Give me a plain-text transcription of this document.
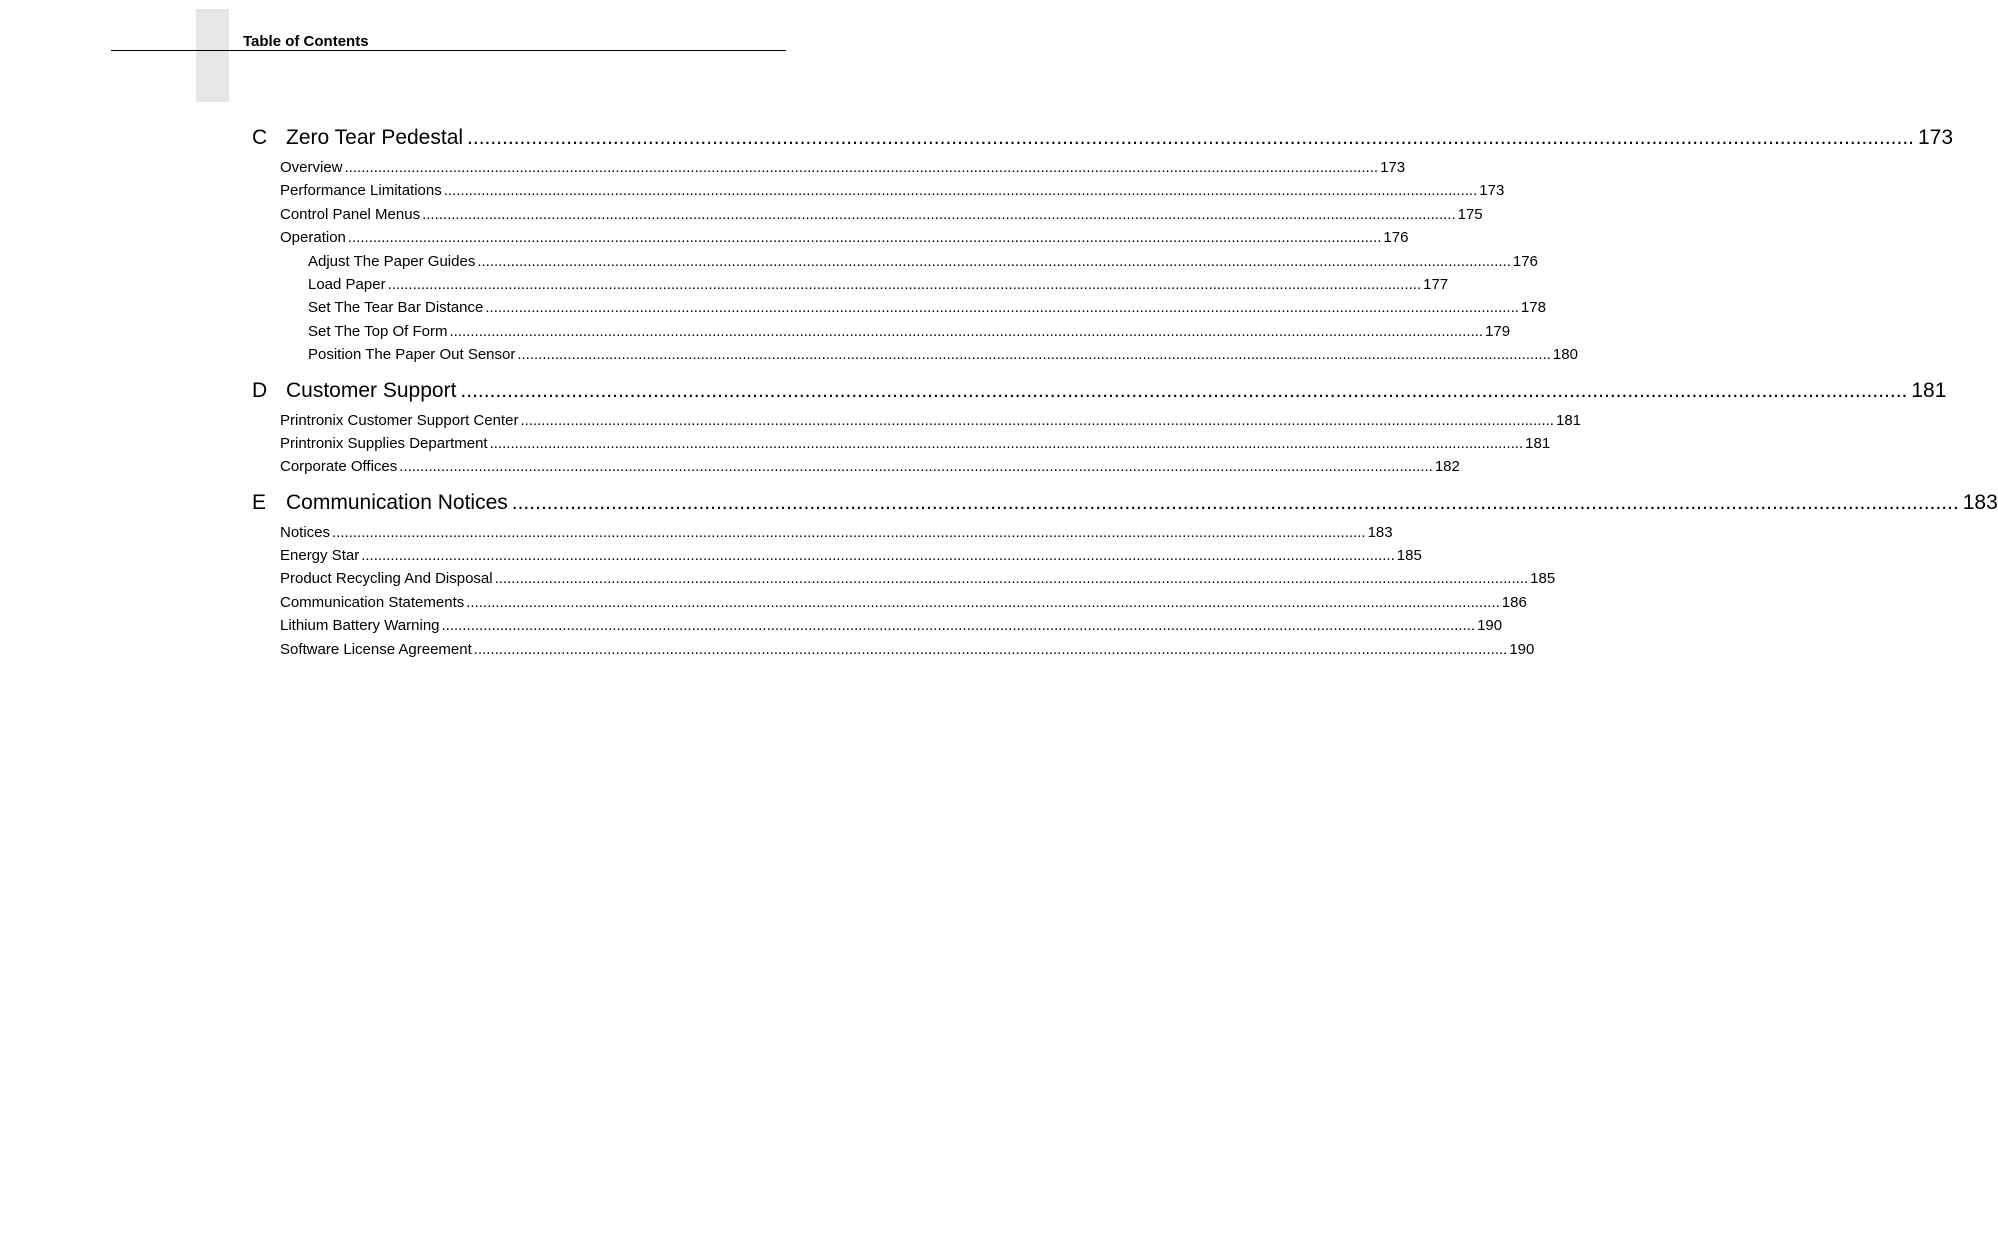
Table of Contents
C Zero Tear Pedestal ........................................................................................................................................................................................................................................................ 173
Overview ........................................................................................................................................................................................................................................................ 173
Performance Limitations ........................................................................................................................................................................................................................................................ 173
Control Panel Menus ........................................................................................................................................................................................................................................................ 175
Operation ........................................................................................................................................................................................................................................................ 176
Adjust The Paper Guides ........................................................................................................................................................................................................................................................ 176
Load Paper ........................................................................................................................................................................................................................................................ 177
Set The Tear Bar Distance ........................................................................................................................................................................................................................................................ 178
Set The Top Of Form ........................................................................................................................................................................................................................................................ 179
Position The Paper Out Sensor ........................................................................................................................................................................................................................................................ 180
D Customer Support ........................................................................................................................................................................................................................................................ 181
Printronix Customer Support Center ........................................................................................................................................................................................................................................................ 181
Printronix Supplies Department ........................................................................................................................................................................................................................................................ 181
Corporate Offices ........................................................................................................................................................................................................................................................ 182
E Communication Notices ........................................................................................................................................................................................................................................................ 183
Notices ........................................................................................................................................................................................................................................................ 183
Energy Star ........................................................................................................................................................................................................................................................ 185
Product Recycling And Disposal ........................................................................................................................................................................................................................................................ 185
Communication Statements ........................................................................................................................................................................................................................................................ 186
Lithium Battery Warning ........................................................................................................................................................................................................................................................ 190
Software License Agreement ........................................................................................................................................................................................................................................................ 190
